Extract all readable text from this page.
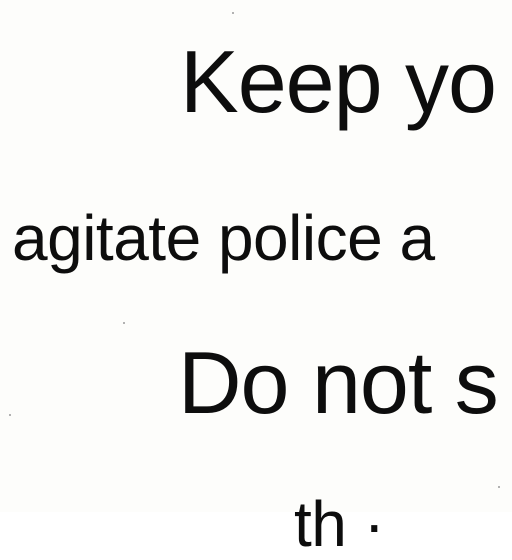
Keep yo
agitate police a
Do not s
th ·
